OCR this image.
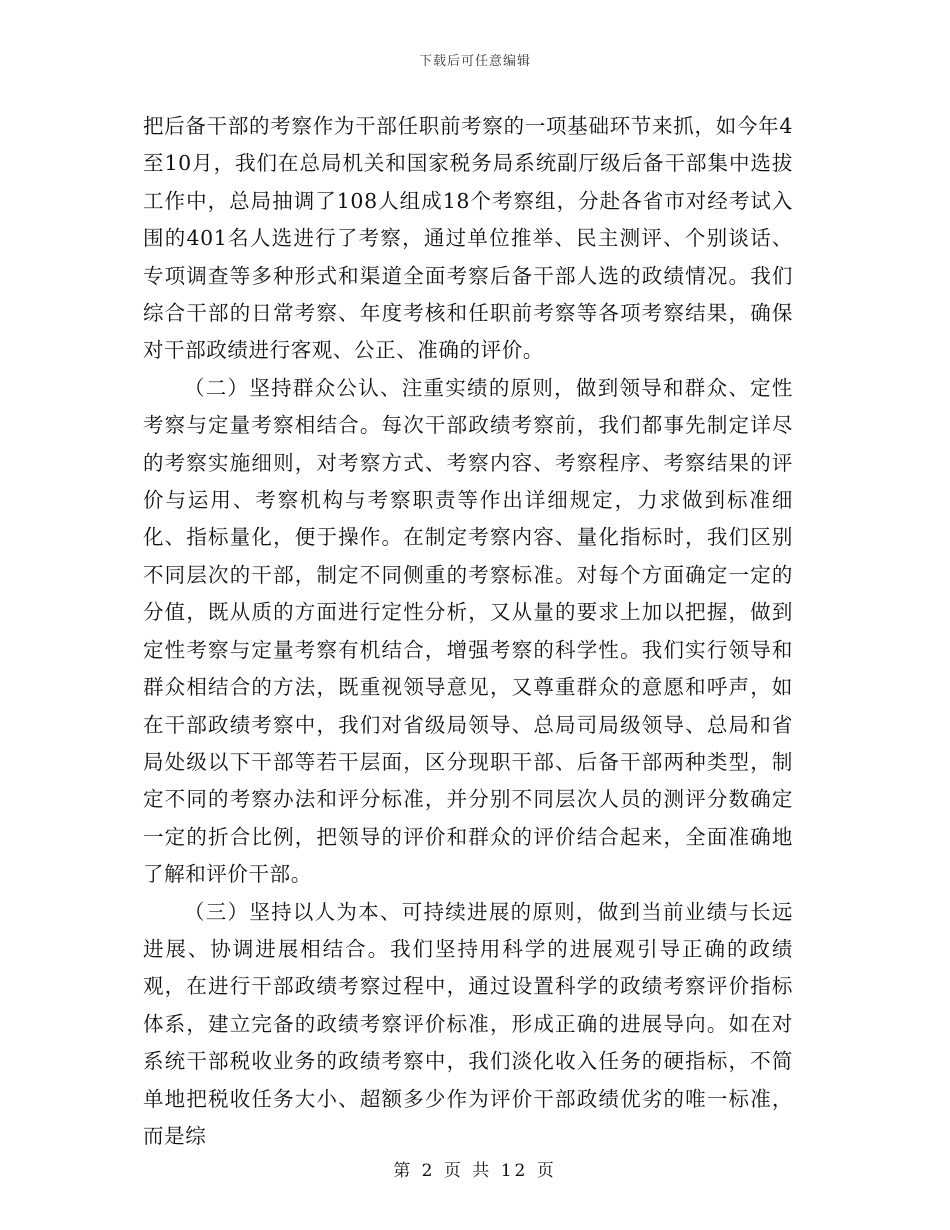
下载后可任意编辑

把后备干部的考察作为干部任职前考察的一项基础环节来抓，如今年4至10月，我们在总局机关和国家税务局系统副厅级后备干部集中选拔工作中，总局抽调了108人组成18个考察组，分赴各省市对经考试入围的401名人选进行了考察，通过单位推举、民主测评、个别谈话、专项调查等多种形式和渠道全面考察后备干部人选的政绩情况。我们综合干部的日常考察、年度考核和任职前考察等各项考察结果，确保对干部政绩进行客观、公正、准确的评价。

（二）坚持群众公认、注重实绩的原则，做到领导和群众、定性考察与定量考察相结合。每次干部政绩考察前，我们都事先制定详尽的考察实施细则，对考察方式、考察内容、考察程序、考察结果的评价与运用、考察机构与考察职责等作出详细规定，力求做到标准细化、指标量化，便于操作。在制定考察内容、量化指标时，我们区别不同层次的干部，制定不同侧重的考察标准。对每个方面确定一定的分值，既从质的方面进行定性分析，又从量的要求上加以把握，做到定性考察与定量考察有机结合，增强考察的科学性。我们实行领导和群众相结合的方法，既重视领导意见，又尊重群众的意愿和呼声，如在干部政绩考察中，我们对省级局领导、总局司局级领导、总局和省局处级以下干部等若干层面，区分现职干部、后备干部两种类型，制定不同的考察办法和评分标准，并分别不同层次人员的测评分数确定一定的折合比例，把领导的评价和群众的评价结合起来，全面准确地了解和评价干部。

（三）坚持以人为本、可持续进展的原则，做到当前业绩与长远进展、协调进展相结合。我们坚持用科学的进展观引导正确的政绩观，在进行干部政绩考察过程中，通过设置科学的政绩考察评价指标体系，建立完备的政绩考察评价标准，形成正确的进展导向。如在对系统干部税收业务的政绩考察中，我们淡化收入任务的硬指标，不简单地把税收任务大小、超额多少作为评价干部政绩优劣的唯一标准，而是综

第 2 页 共 12 页
